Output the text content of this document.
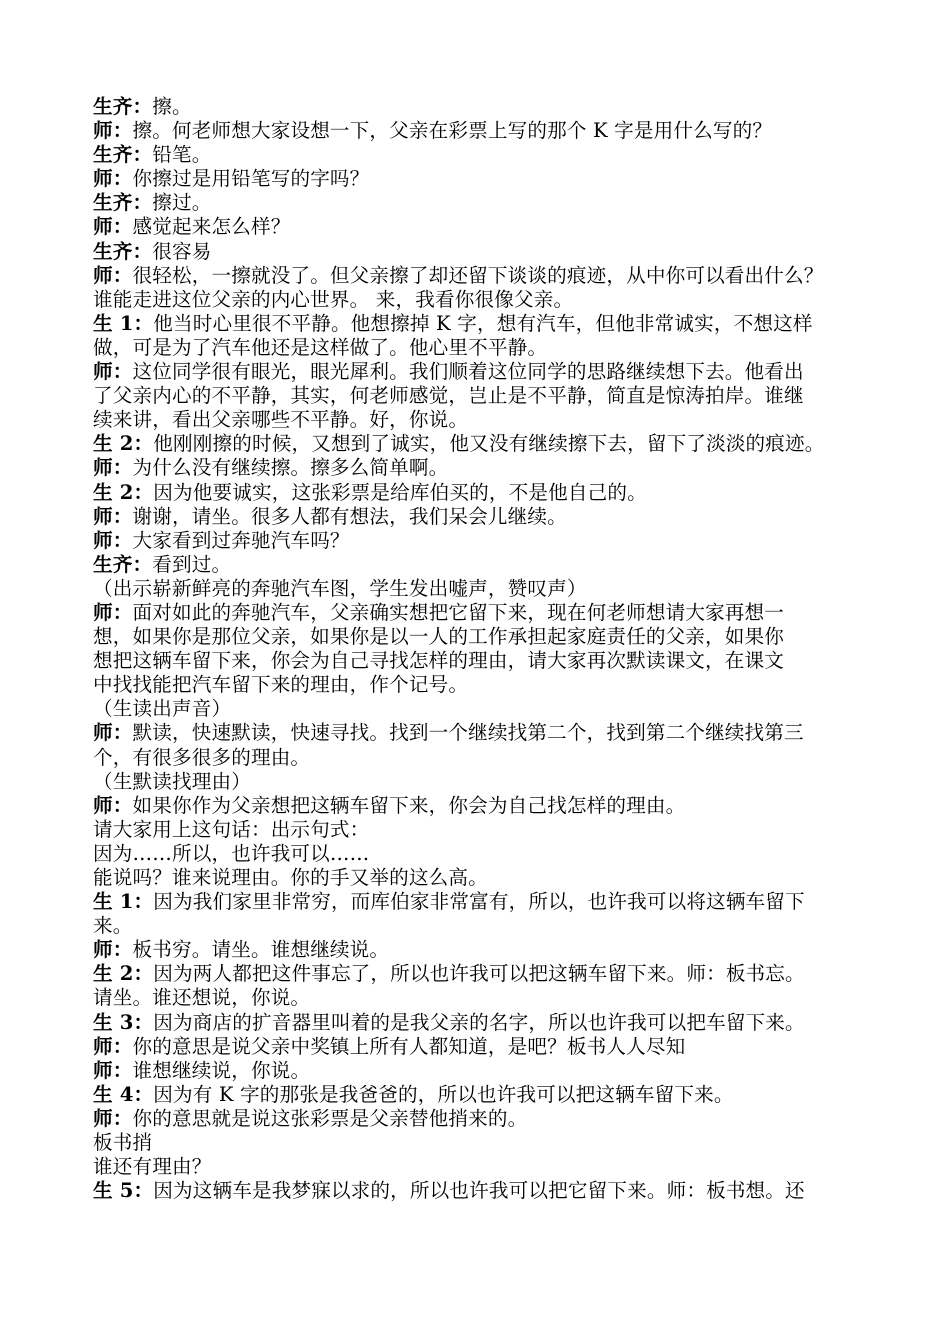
生齐：擦。
师：擦。何老师想大家设想一下，父亲在彩票上写的那个 K 字是用什么写的？
生齐：铅笔。
师：你擦过是用铅笔写的字吗？
生齐：擦过。
师：感觉起来怎么样？
生齐：很容易
师：很轻松，一擦就没了。但父亲擦了却还留下谈谈的痕迹，从中你可以看出什么？
谁能走进这位父亲的内心世界。 来，我看你很像父亲。
生 1：他当时心里很不平静。他想擦掉 K 字，想有汽车，但他非常诚实，不想这样
做，可是为了汽车他还是这样做了。他心里不平静。
师：这位同学很有眼光，眼光犀利。我们顺着这位同学的思路继续想下去。他看出
了父亲内心的不平静，其实，何老师感觉，岂止是不平静，简直是惊涛拍岸。谁继
续来讲，看出父亲哪些不平静。好，你说。
生 2：他刚刚擦的时候，又想到了诚实，他又没有继续擦下去，留下了淡淡的痕迹。
师：为什么没有继续擦。擦多么简单啊。
生 2：因为他要诚实，这张彩票是给库伯买的，不是他自己的。
师：谢谢，请坐。很多人都有想法，我们呆会儿继续。
师：大家看到过奔驰汽车吗？
生齐：看到过。
（出示崭新鲜亮的奔驰汽车图，学生发出嘘声，赞叹声）
师：面对如此的奔驰汽车，父亲确实想把它留下来，现在何老师想请大家再想一
想，如果你是那位父亲，如果你是以一人的工作承担起家庭责任的父亲，如果你
想把这辆车留下来，你会为自己寻找怎样的理由，请大家再次默读课文，在课文
中找找能把汽车留下来的理由，作个记号。
（生读出声音）
师：默读，快速默读，快速寻找。找到一个继续找第二个，找到第二个继续找第三
个，有很多很多的理由。
（生默读找理由）
师：如果你作为父亲想把这辆车留下来，你会为自己找怎样的理由。
请大家用上这句话：出示句式：
因为……所以，也许我可以……
能说吗？谁来说理由。你的手又举的这么高。
生 1：因为我们家里非常穷，而库伯家非常富有，所以，也许我可以将这辆车留下
来。
师：板书穷。请坐。谁想继续说。
生 2：因为两人都把这件事忘了，所以也许我可以把这辆车留下来。师：板书忘。
请坐。谁还想说，你说。
生 3：因为商店的扩音器里叫着的是我父亲的名字，所以也许我可以把车留下来。
师：你的意思是说父亲中奖镇上所有人都知道，是吧？板书人人尽知
师：谁想继续说，你说。
生 4：因为有 K 字的那张是我爸爸的，所以也许我可以把这辆车留下来。
师：你的意思就是说这张彩票是父亲替他捎来的。
板书捎
谁还有理由？
生 5：因为这辆车是我梦寐以求的，所以也许我可以把它留下来。师：板书想。还
